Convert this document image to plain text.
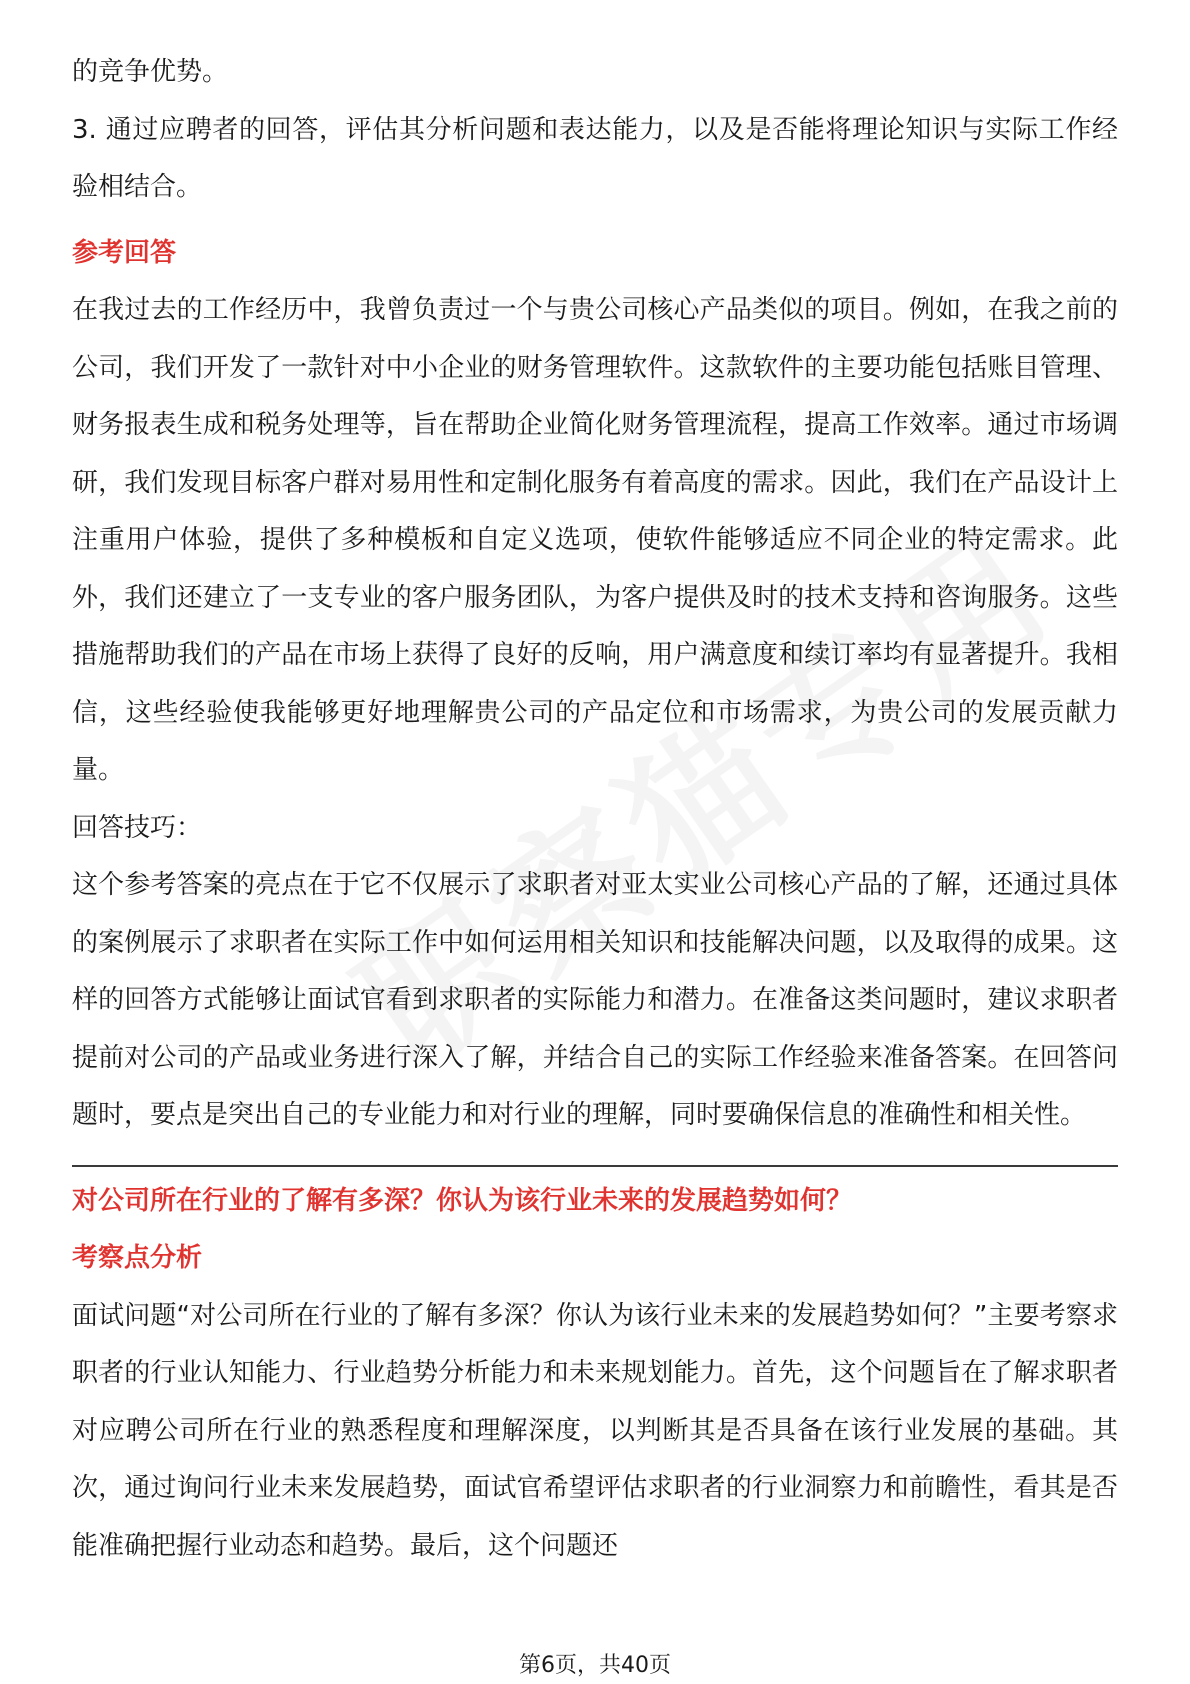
的竞争优势。

3. 通过应聘者的回答，评估其分析问题和表达能力，以及是否能将理论知识与实际工作经验相结合。

参考回答

在我过去的工作经历中，我曾负责过一个与贵公司核心产品类似的项目。例如，在我之前的公司，我们开发了一款针对中小企业的财务管理软件。这款软件的主要功能包括账目管理、财务报表生成和税务处理等，旨在帮助企业简化财务管理流程，提高工作效率。通过市场调研，我们发现目标客户群对易用性和定制化服务有着高度的需求。因此，我们在产品设计上注重用户体验，提供了多种模板和自定义选项，使软件能够适应不同企业的特定需求。此外，我们还建立了一支专业的客户服务团队，为客户提供及时的技术支持和咨询服务。这些措施帮助我们的产品在市场上获得了良好的反响，用户满意度和续订率均有显著提升。我相信，这些经验使我能够更好地理解贵公司的产品定位和市场需求，为贵公司的发展贡献力量。

回答技巧：

这个参考答案的亮点在于它不仅展示了求职者对亚太实业公司核心产品的了解，还通过具体的案例展示了求职者在实际工作中如何运用相关知识和技能解决问题，以及取得的成果。这样的回答方式能够让面试官看到求职者的实际能力和潜力。在准备这类问题时，建议求职者提前对公司的产品或业务进行深入了解，并结合自己的实际工作经验来准备答案。在回答问题时，要点是突出自己的专业能力和对行业的理解，同时要确保信息的准确性和相关性。

对公司所在行业的了解有多深？你认为该行业未来的发展趋势如何？

考察点分析

面试问题“对公司所在行业的了解有多深？你认为该行业未来的发展趋势如何？”主要考察求职者的行业认知能力、行业趋势分析能力和未来规划能力。首先，这个问题旨在了解求职者对应聘公司所在行业的熟悉程度和理解深度，以判断其是否具备在该行业发展的基础。其次，通过询问行业未来发展趋势，面试官希望评估求职者的行业洞察力和前瞻性，看其是否能准确把握行业动态和趋势。最后，这个问题还

第6页，共40页
